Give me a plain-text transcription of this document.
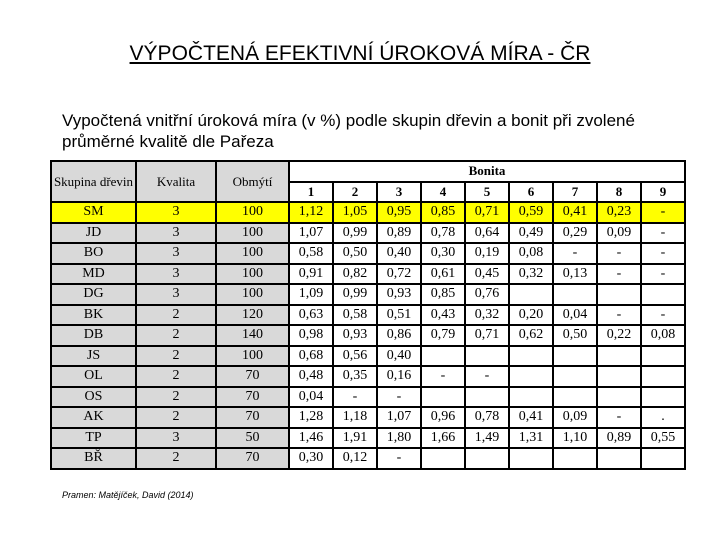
VÝPOČTENÁ EFEKTIVNÍ ÚROKOVÁ MÍRA - ČR
Vypočtená vnitřní úroková míra (v %) podle skupin dřevin a bonit při zvolené průměrné kvalitě dle Pařeza
Skupina dřevin	Kvalita	Obmýtí	Bonita								
			1	2	3	4	5	6	7	8	9
SM	3	100	1,12	1,05	0,95	0,85	0,71	0,59	0,41	0,23	-
JD	3	100	1,07	0,99	0,89	0,78	0,64	0,49	0,29	0,09	-
BO	3	100	0,58	0,50	0,40	0,30	0,19	0,08	-	-	-
MD	3	100	0,91	0,82	0,72	0,61	0,45	0,32	0,13	-	-
DG	3	100	1,09	0,99	0,93	0,85	0,76				
BK	2	120	0,63	0,58	0,51	0,43	0,32	0,20	0,04	-	-
DB	2	140	0,98	0,93	0,86	0,79	0,71	0,62	0,50	0,22	0,08
JS	2	100	0,68	0,56	0,40						
OL	2	70	0,48	0,35	0,16	-	-				
OS	2	70	0,04	-	-						
AK	2	70	1,28	1,18	1,07	0,96	0,78	0,41	0,09	-	.
TP	3	50	1,46	1,91	1,80	1,66	1,49	1,31	1,10	0,89	0,55
BŘ	2	70	0,30	0,12	-						
Pramen: Matějíček, David (2014)
